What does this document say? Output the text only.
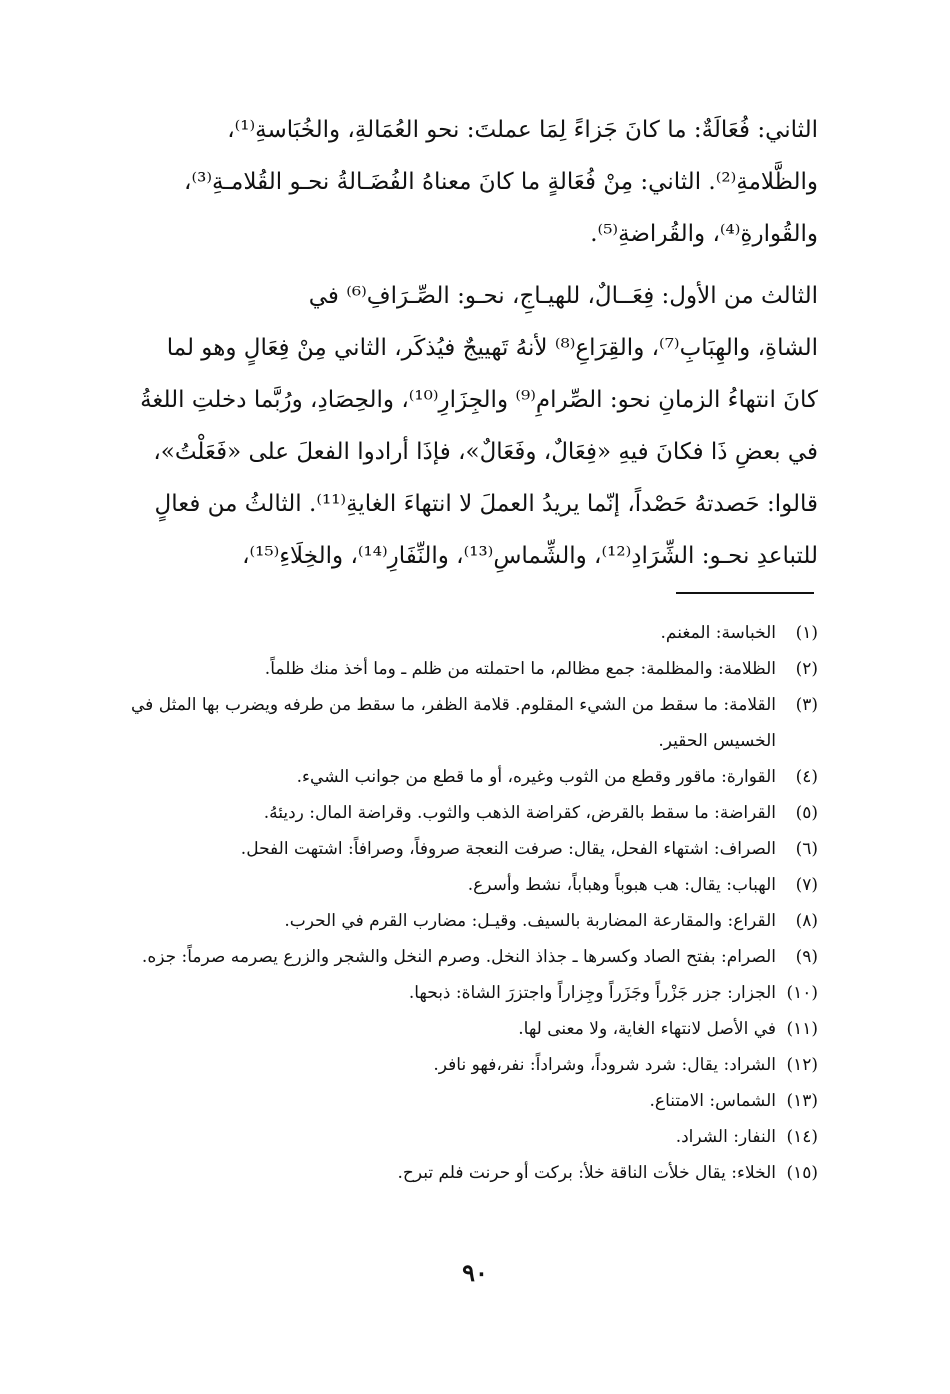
الثاني: فُعَالَةٌ: ما كانَ جَزاءً لِمَا عملتَ: نحو العُمَالةِ، والخُبَاسةِ⁽¹⁾،
والظَّلامةِ⁽²⁾. الثاني: مِنْ فُعَالةٍ ما كانَ معناهُ الفُضَـالةُ نحـو القُلامـةِ⁽³⁾،
والقُوارةِ⁽⁴⁾، والقُراضةِ⁽⁵⁾.

الثالث من الأول: فِعَــالٌ، للهيـاجِ، نحـو: الصِّـرَافِ⁽⁶⁾ في
الشاةِ، والهِبَابِ⁽⁷⁾، والقِرَاعِ⁽⁸⁾ لأنهُ تَهييجٌ فيُذكَر، الثاني مِنْ فِعَالٍ وهو لما
كانَ انتهاءُ الزمانِ نحو: الصِّرامِ⁽⁹⁾ والجِزَارِ⁽¹⁰⁾، والحِصَادِ، ورُبَّما دخلتِ اللغةُ
في بعضِ ذَا فكانَ فيهِ «فِعَالٌ، وفَعَالٌ»، فإذَا أرادوا الفعلَ على «فَعَلْتُ»،
قالوا: حَصدتهُ حَصْداً، إنّما يريدُ العملَ لا انتهاءَ الغايةِ⁽¹¹⁾. الثالثُ من فعالٍ
للتباعدِ نحـو: الشِّرَادِ⁽¹²⁾، والشِّماسِ⁽¹³⁾، والنِّفَارِ⁽¹⁴⁾، والخِلَاءِ⁽¹⁵⁾،

(١)
الخباسة: المغنم.
(٢)
الظلامة: والمظلمة: جمع مظالم، ما احتملته من ظلم ـ وما أخذ منك ظلماً.
(٣)
القلامة: ما سقط من الشيء المقلوم. قلامة الظفر، ما سقط من طرفه ويضرب بها المثل في الخسيس الحقير.
(٤)
القوارة: ماقور وقطع من الثوب وغيره، أو ما قطع من جوانب الشيء.
(٥)
القراضة: ما سقط بالقرض، كقراضة الذهب والثوب. وقراضة المال: رديئهُ.
(٦)
الصراف: اشتهاء الفحل، يقال: صرفت النعجة صروفاً، وصرافاً: اشتهت الفحل.
(٧)
الهباب: يقال: هب هبوباً وهباباً، نشط وأسرع.
(٨)
القراع: والمقارعة المضاربة بالسيف. وقيـل: مضارب القرم في الحرب.
(٩)
الصرام: بفتح الصاد وكسرها ـ جذاذ النخل. وصرم النخل والشجر والزرع يصرمه صرماً: جزه.
(١٠)
الجزار: جزر جَزْراً وجَزَراً وجِزاراً واجتزرَ الشاة: ذبحها.
(١١)
في الأصل لانتهاء الغاية، ولا معنى لها.
(١٢)
الشراد: يقال: شرد شروداً، وشراداً: نفر،فهو نافر.
(١٣)
الشماس: الامتناع.
(١٤)
النفار: الشراد.
(١٥)
الخلاء: يقال خلأت الناقة خلأ: بركت أو حرنت فلم تبرح.
٩٠
